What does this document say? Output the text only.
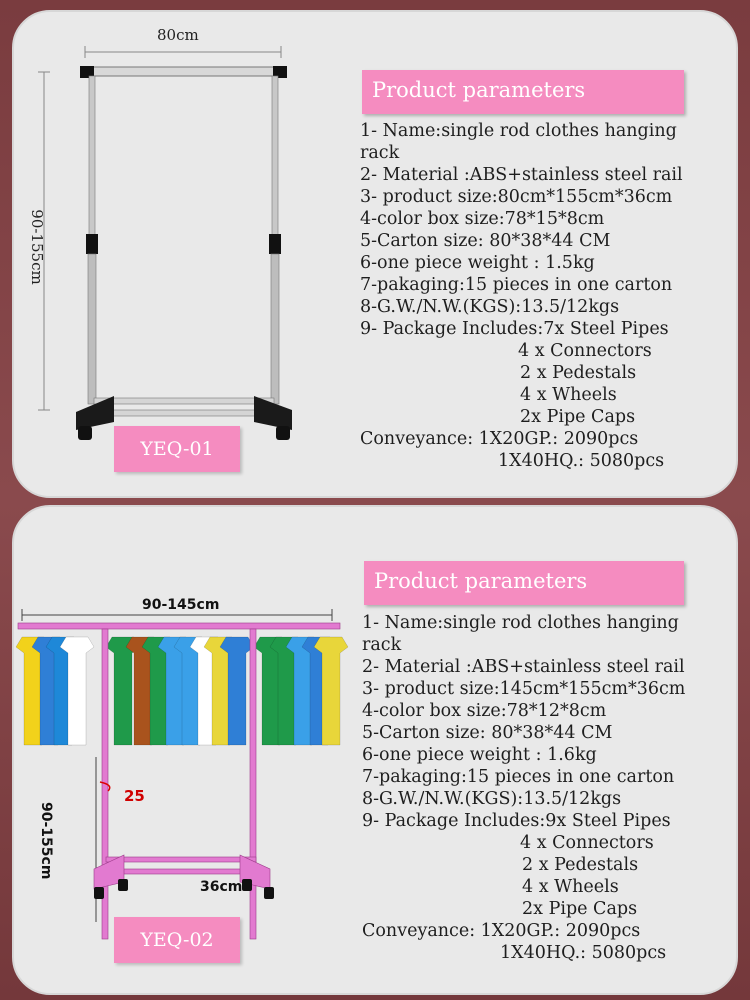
80cm
90-155cm
YEQ-01
Product parameters
1- Name:single rod clothes hanging
rack
2- Material :ABS+stainless steel rail
3- product size:80cm*155cm*36cm
4-color box size:78*15*8cm
5-Carton size: 80*38*44 CM
6-one piece weight : 1.5kg
7-pakaging:15 pieces in one carton
8-G.W./N.W.(KGS):13.5/12kgs
9- Package Includes:7x Steel Pipes
4 x Connectors
2 x Pedestals
4 x Wheels
2x Pipe Caps
Conveyance: 1X20GP.: 2090pcs
1X40HQ.: 5080pcs
90-145cm
90-155cm
25
36cm
YEQ-02
Product parameters
1- Name:single rod clothes hanging
rack
2- Material :ABS+stainless steel rail
3- product size:145cm*155cm*36cm
4-color box size:78*12*8cm
5-Carton size: 80*38*44 CM
6-one piece weight : 1.6kg
7-pakaging:15 pieces in one carton
8-G.W./N.W.(KGS):13.5/12kgs
9- Package Includes:9x Steel Pipes
4 x Connectors
2 x Pedestals
4 x Wheels
2x Pipe Caps
Conveyance: 1X20GP.: 2090pcs
1X40HQ.: 5080pcs
